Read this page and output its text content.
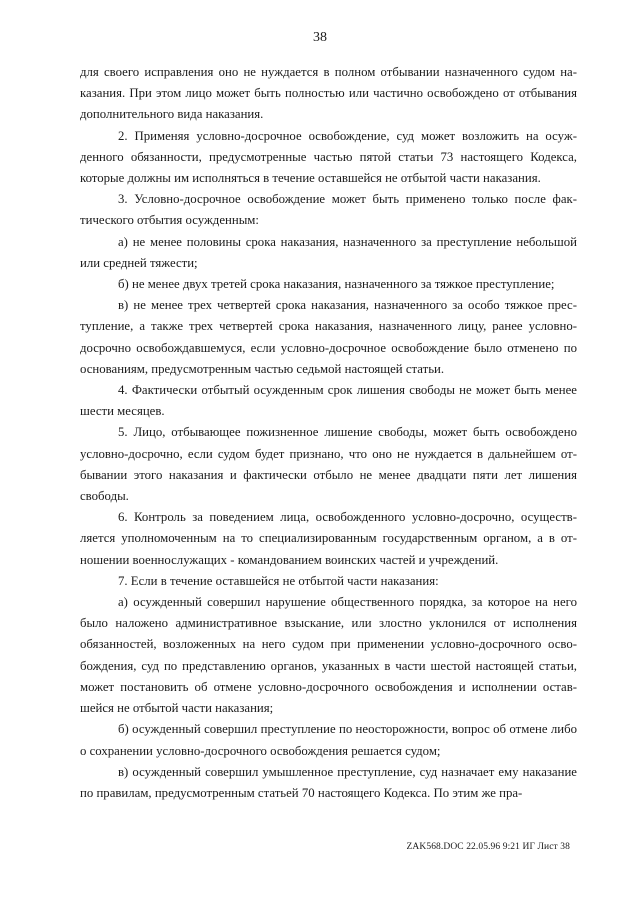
38

для своего исправления оно не нуждается в полном отбывании назначенного судом наказания. При этом лицо может быть полностью или частично освобождено от отбывания дополнительного вида наказания.

2. Применяя условно-досрочное освобождение, суд может возложить на осужденного обязанности, предусмотренные частью пятой статьи 73 настоящего Кодекса, которые должны им исполняться в течение оставшейся не отбытой части наказания.

3. Условно-досрочное освобождение может быть применено только после фактического отбытия осужденным:

а) не менее половины срока наказания, назначенного за преступление небольшой или средней тяжести;

б) не менее двух третей срока наказания, назначенного за тяжкое преступление;

в) не менее трех четвертей срока наказания, назначенного за особо тяжкое преступление, а также трех четвертей срока наказания, назначенного лицу, ранее условно-досрочно освобождавшемуся, если условно-досрочное освобождение было отменено по основаниям, предусмотренным частью седьмой настоящей статьи.

4. Фактически отбытый осужденным срок лишения свободы не может быть менее шести месяцев.

5. Лицо, отбывающее пожизненное лишение свободы, может быть освобождено условно-досрочно, если судом будет признано, что оно не нуждается в дальнейшем отбывании этого наказания и фактически отбыло не менее двадцати пяти лет лишения свободы.

6. Контроль за поведением лица, освобожденного условно-досрочно, осуществляется уполномоченным на то специализированным государственным органом, а в отношении военнослужащих - командованием воинских частей и учреждений.

7. Если в течение оставшейся не отбытой части наказания:

а) осужденный совершил нарушение общественного порядка, за которое на него было наложено административное взыскание, или злостно уклонился от исполнения обязанностей, возложенных на него судом при применении условно-досрочного освобождения, суд по представлению органов, указанных в части шестой настоящей статьи, может постановить об отмене условно-досрочного освобождения и исполнении оставшейся не отбытой части наказания;

б) осужденный совершил преступление по неосторожности, вопрос об отмене либо о сохранении условно-досрочного освобождения решается судом;

в) осужденный совершил умышленное преступление, суд назначает ему наказание по правилам, предусмотренным статьей 70 настоящего Кодекса. По этим же пра-

ZAK568.DOC 22.05.96 9:21 ИГ Лист 38
